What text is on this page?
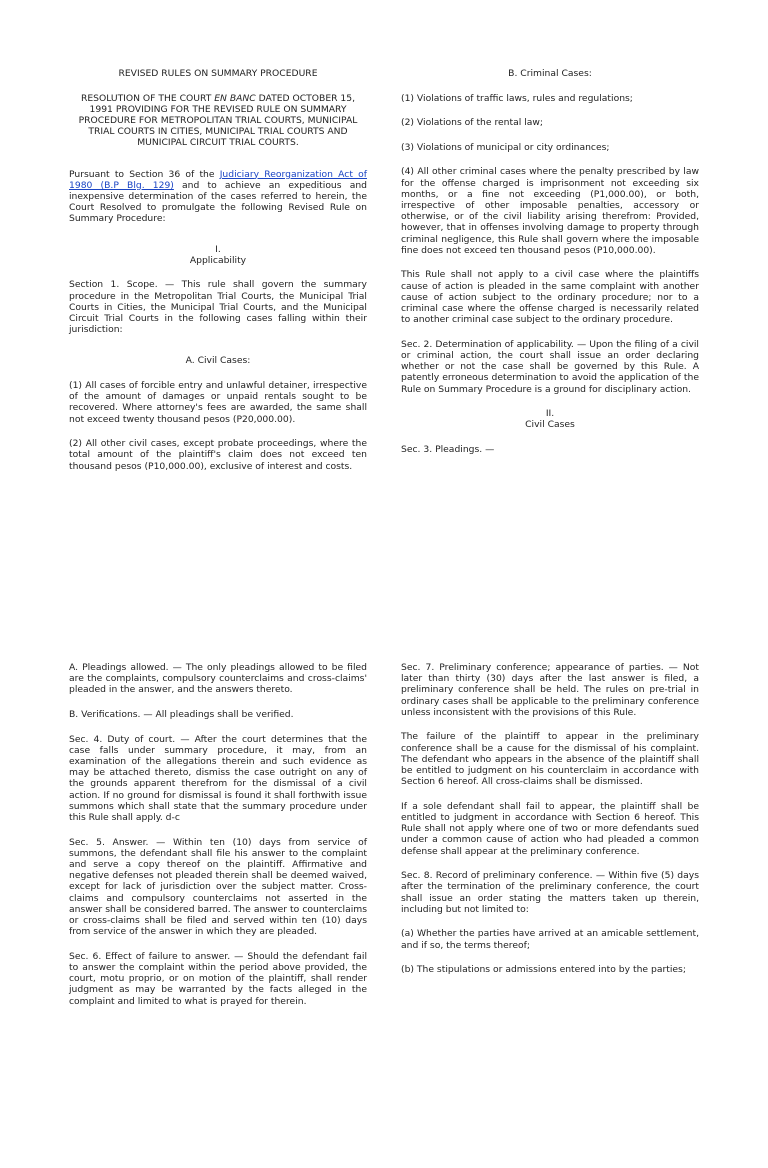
REVISED RULES ON SUMMARY PROCEDURE

RESOLUTION OF THE COURT EN BANC DATED OCTOBER 15, 1991 PROVIDING FOR THE REVISED RULE ON SUMMARY PROCEDURE FOR METROPOLITAN TRIAL COURTS, MUNICIPAL TRIAL COURTS IN CITIES, MUNICIPAL TRIAL COURTS AND MUNICIPAL CIRCUIT TRIAL COURTS.

Pursuant to Section 36 of the Judiciary Reorganization Act of 1980 (B.P Blg. 129) and to achieve an expeditious and inexpensive determination of the cases referred to herein, the Court Resolved to promulgate the following Revised Rule on Summary Procedure:

I.

Applicability

Section 1. Scope. — This rule shall govern the summary procedure in the Metropolitan Trial Courts, the Municipal Trial Courts in Cities, the Municipal Trial Courts, and the Municipal Circuit Trial Courts in the following cases falling within their jurisdiction:

A. Civil Cases:

(1) All cases of forcible entry and unlawful detainer, irrespective of the amount of damages or unpaid rentals sought to be recovered. Where attorney's fees are awarded, the same shall not exceed twenty thousand pesos (P20,000.00).

(2) All other civil cases, except probate proceedings, where the total amount of the plaintiff's claim does not exceed ten thousand pesos (P10,000.00), exclusive of interest and costs.

B. Criminal Cases:

(1) Violations of traffic laws, rules and regulations;

(2) Violations of the rental law;

(3) Violations of municipal or city ordinances;

(4) All other criminal cases where the penalty prescribed by law for the offense charged is imprisonment not exceeding six months, or a fine not exceeding (P1,000.00), or both, irrespective of other imposable penalties, accessory or otherwise, or of the civil liability arising therefrom: Provided, however, that in offenses involving damage to property through criminal negligence, this Rule shall govern where the imposable fine does not exceed ten thousand pesos (P10,000.00).

This Rule shall not apply to a civil case where the plaintiffs cause of action is pleaded in the same complaint with another cause of action subject to the ordinary procedure; nor to a criminal case where the offense charged is necessarily related to another criminal case subject to the ordinary procedure.

Sec. 2. Determination of applicability. — Upon the filing of a civil or criminal action, the court shall issue an order declaring whether or not the case shall be governed by this Rule. A patently erroneous determination to avoid the application of the Rule on Summary Procedure is a ground for disciplinary action.

II.

Civil Cases

Sec. 3. Pleadings. —

A. Pleadings allowed. — The only pleadings allowed to be filed are the complaints, compulsory counterclaims and cross-claims' pleaded in the answer, and the answers thereto.

B. Verifications. — All pleadings shall be verified.

Sec. 4. Duty of court. — After the court determines that the case falls under summary procedure, it may, from an examination of the allegations therein and such evidence as may be attached thereto, dismiss the case outright on any of the grounds apparent therefrom for the dismissal of a civil action. If no ground for dismissal is found it shall forthwith issue summons which shall state that the summary procedure under this Rule shall apply. d-c

Sec. 5. Answer. — Within ten (10) days from service of summons, the defendant shall file his answer to the complaint and serve a copy thereof on the plaintiff. Affirmative and negative defenses not pleaded therein shall be deemed waived, except for lack of jurisdiction over the subject matter. Cross-claims and compulsory counterclaims not asserted in the answer shall be considered barred. The answer to counterclaims or cross-claims shall be filed and served within ten (10) days from service of the answer in which they are pleaded.

Sec. 6. Effect of failure to answer. — Should the defendant fail to answer the complaint within the period above provided, the court, motu proprio, or on motion of the plaintiff, shall render judgment as may be warranted by the facts alleged in the complaint and limited to what is prayed for therein.

Sec. 7. Preliminary conference; appearance of parties. — Not later than thirty (30) days after the last answer is filed, a preliminary conference shall be held. The rules on pre-trial in ordinary cases shall be applicable to the preliminary conference unless inconsistent with the provisions of this Rule.

The failure of the plaintiff to appear in the preliminary conference shall be a cause for the dismissal of his complaint. The defendant who appears in the absence of the plaintiff shall be entitled to judgment on his counterclaim in accordance with Section 6 hereof. All cross-claims shall be dismissed.

If a sole defendant shall fail to appear, the plaintiff shall be entitled to judgment in accordance with Section 6 hereof. This Rule shall not apply where one of two or more defendants sued under a common cause of action who had pleaded a common defense shall appear at the preliminary conference.

Sec. 8. Record of preliminary conference. — Within five (5) days after the termination of the preliminary conference, the court shall issue an order stating the matters taken up therein, including but not limited to:

(a) Whether the parties have arrived at an amicable settlement, and if so, the terms thereof;

(b) The stipulations or admissions entered into by the parties;
